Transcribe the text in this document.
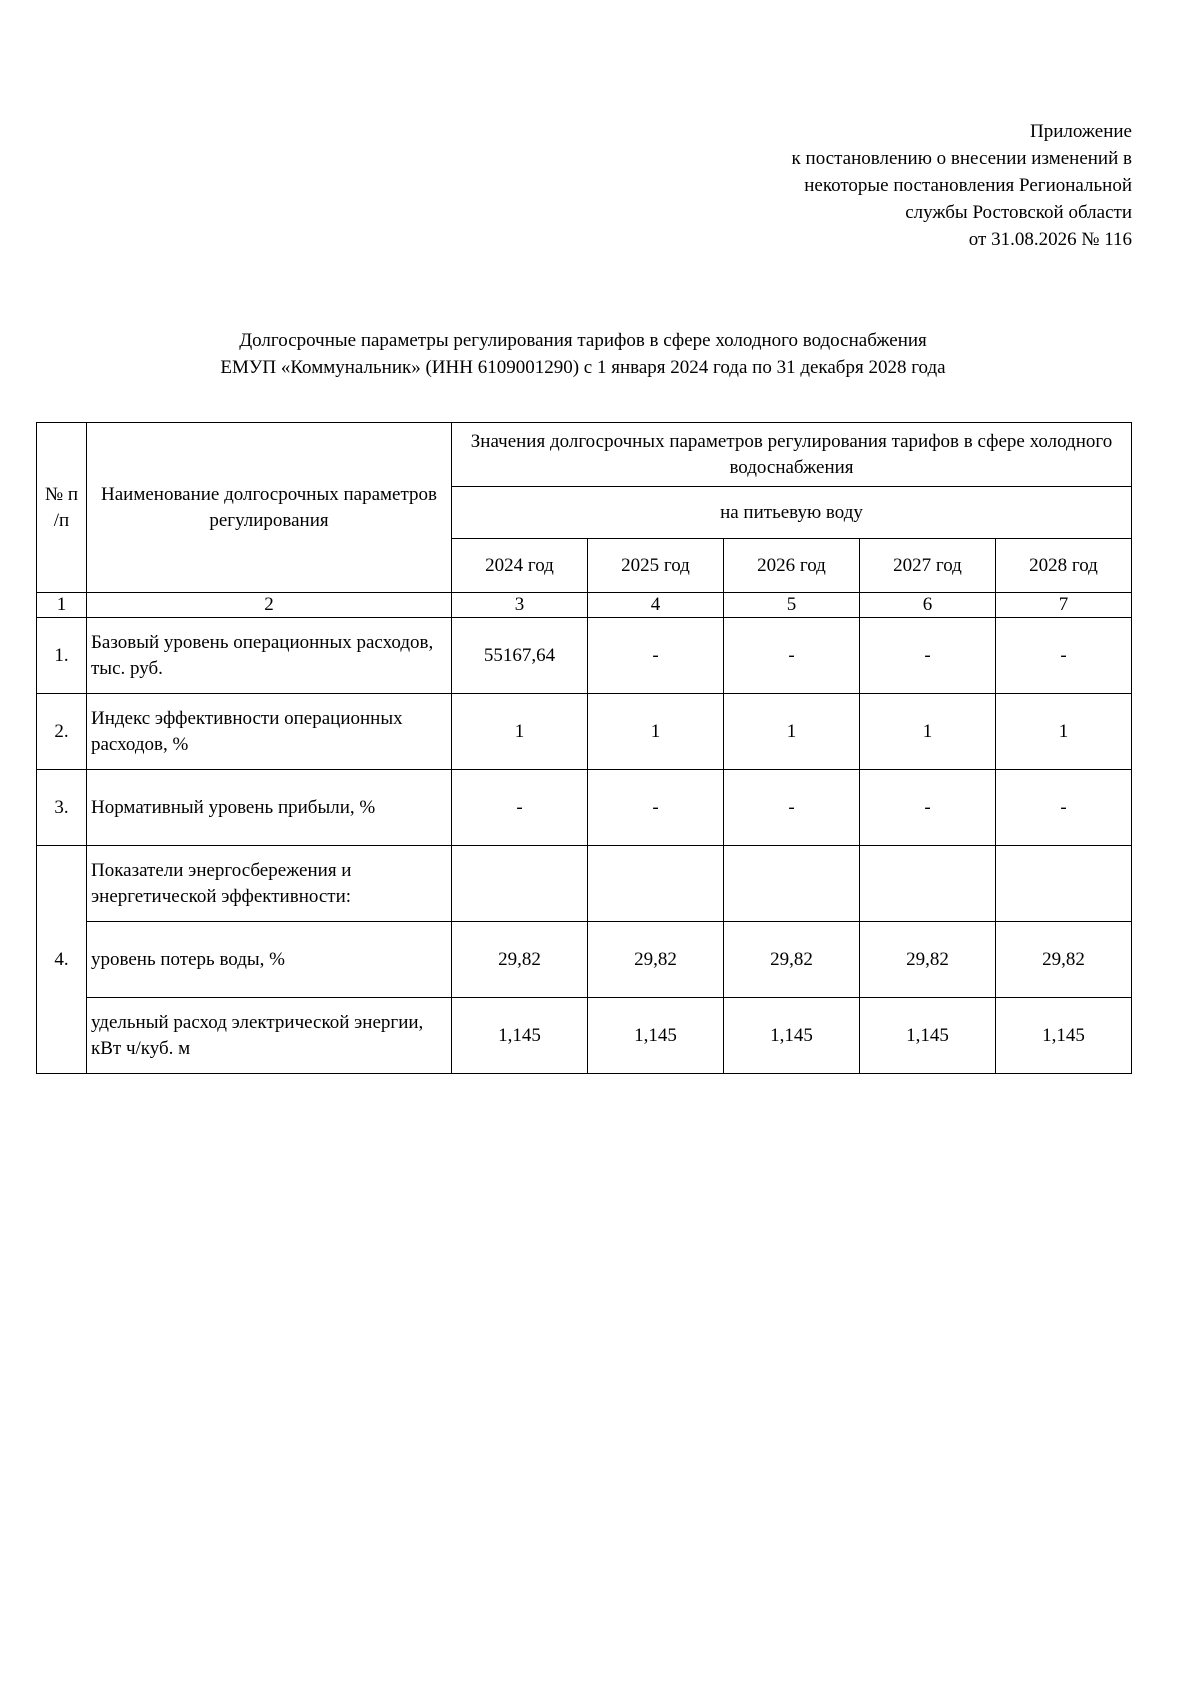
Приложение
к постановлению о внесении изменений в
некоторые постановления Региональной
службы Ростовской области
от 31.08.2026 № 116
Долгосрочные параметры регулирования тарифов в сфере холодного водоснабжения
ЕМУП «Коммунальник» (ИНН 6109001290) с 1 января 2024 года по 31 декабря 2028 года
№ п /п	Наименование долгосрочных параметров регулирования	Значения долгосрочных параметров регулирования тарифов в сфере холодного водоснабжения				
		на питьевую воду				
		2024 год	2025 год	2026 год	2027 год	2028 год
1	2	3	4	5	6	7
1.	Базовый уровень операционных расходов, тыс. руб.	55167,64	-	-	-	-
2.	Индекс эффективности операционных расходов, %	1	1	1	1	1
3.	Нормативный уровень прибыли, %	-	-	-	-	-
4.	Показатели энергосбережения и энергетической эффективности:					
	уровень потерь воды, %	29,82	29,82	29,82	29,82	29,82
	удельный расход электрической энергии, кВт ч/куб. м	1,145	1,145	1,145	1,145	1,145
